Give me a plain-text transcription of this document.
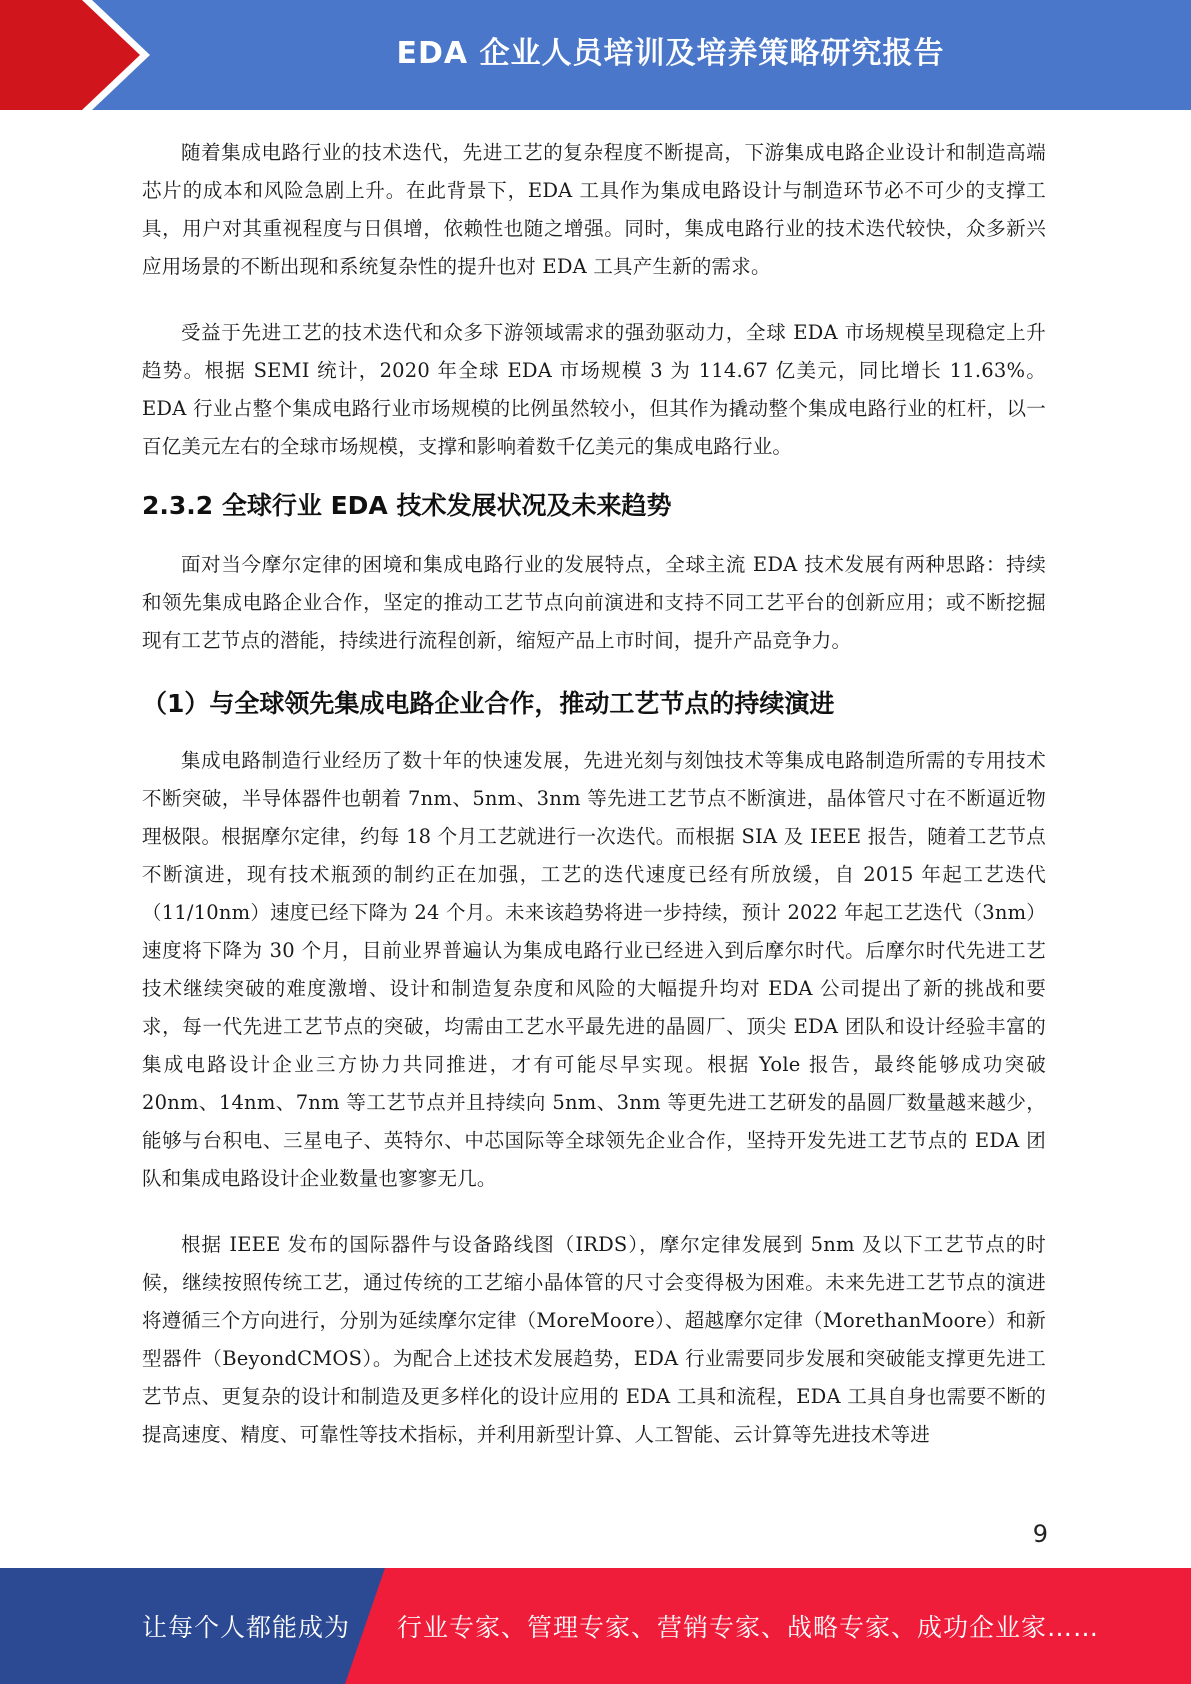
EDA 企业人员培训及培养策略研究报告

随着集成电路行业的技术迭代，先进工艺的复杂程度不断提高，下游集成电路企业设计和制造高端芯片的成本和风险急剧上升。在此背景下，EDA 工具作为集成电路设计与制造环节必不可少的支撑工具，用户对其重视程度与日俱增，依赖性也随之增强。同时，集成电路行业的技术迭代较快，众多新兴应用场景的不断出现和系统复杂性的提升也对 EDA 工具产生新的需求。

受益于先进工艺的技术迭代和众多下游领域需求的强劲驱动力，全球 EDA 市场规模呈现稳定上升趋势。根据 SEMI 统计，2020 年全球 EDA 市场规模 3 为 114.67 亿美元，同比增长 11.63%。EDA 行业占整个集成电路行业市场规模的比例虽然较小，但其作为撬动整个集成电路行业的杠杆，以一百亿美元左右的全球市场规模，支撑和影响着数千亿美元的集成电路行业。

2.3.2 全球行业 EDA 技术发展状况及未来趋势

面对当今摩尔定律的困境和集成电路行业的发展特点，全球主流 EDA 技术发展有两种思路：持续和领先集成电路企业合作，坚定的推动工艺节点向前演进和支持不同工艺平台的创新应用；或不断挖掘现有工艺节点的潜能，持续进行流程创新，缩短产品上市时间，提升产品竞争力。

（1）与全球领先集成电路企业合作，推动工艺节点的持续演进

集成电路制造行业经历了数十年的快速发展，先进光刻与刻蚀技术等集成电路制造所需的专用技术不断突破，半导体器件也朝着 7nm、5nm、3nm 等先进工艺节点不断演进，晶体管尺寸在不断逼近物理极限。根据摩尔定律，约每 18 个月工艺就进行一次迭代。而根据 SIA 及 IEEE 报告，随着工艺节点不断演进，现有技术瓶颈的制约正在加强，工艺的迭代速度已经有所放缓，自 2015 年起工艺迭代（11/10nm）速度已经下降为 24 个月。未来该趋势将进一步持续，预计 2022 年起工艺迭代（3nm）速度将下降为 30 个月，目前业界普遍认为集成电路行业已经进入到后摩尔时代。后摩尔时代先进工艺技术继续突破的难度激增、设计和制造复杂度和风险的大幅提升均对 EDA 公司提出了新的挑战和要求，每一代先进工艺节点的突破，均需由工艺水平最先进的晶圆厂、顶尖 EDA 团队和设计经验丰富的集成电路设计企业三方协力共同推进，才有可能尽早实现。根据 Yole 报告，最终能够成功突破 20nm、14nm、7nm 等工艺节点并且持续向 5nm、3nm 等更先进工艺研发的晶圆厂数量越来越少，能够与台积电、三星电子、英特尔、中芯国际等全球领先企业合作，坚持开发先进工艺节点的 EDA 团队和集成电路设计企业数量也寥寥无几。

根据 IEEE 发布的国际器件与设备路线图（IRDS），摩尔定律发展到 5nm 及以下工艺节点的时候，继续按照传统工艺，通过传统的工艺缩小晶体管的尺寸会变得极为困难。未来先进工艺节点的演进将遵循三个方向进行，分别为延续摩尔定律（MoreMoore）、超越摩尔定律（MorethanMoore）和新型器件（BeyondCMOS）。为配合上述技术发展趋势，EDA 行业需要同步发展和突破能支撑更先进工艺节点、更复杂的设计和制造及更多样化的设计应用的 EDA 工具和流程，EDA 工具自身也需要不断的提高速度、精度、可靠性等技术指标，并利用新型计算、人工智能、云计算等先进技术等进

9
让每个人都能成为 行业专家、管理专家、营销专家、战略专家、成功企业家……
